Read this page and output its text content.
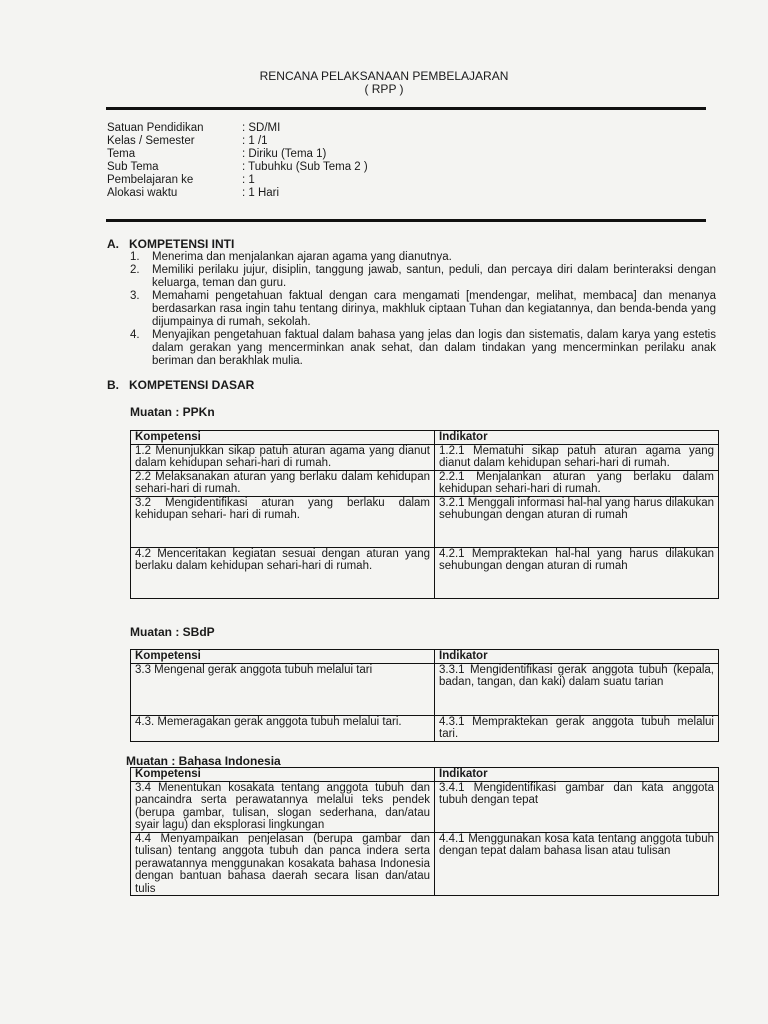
RENCANA PELAKSANAAN PEMBELAJARAN
( RPP )
Satuan Pendidikan	: SD/MI
Kelas / Semester	: 1 /1
Tema	: Diriku (Tema 1)
Sub Tema	: Tubuhku (Sub Tema 2 )
Pembelajaran ke	: 1
Alokasi waktu	: 1 Hari
A. KOMPETENSI INTI
1. Menerima dan menjalankan ajaran agama yang dianutnya.
2. Memiliki perilaku jujur, disiplin, tanggung jawab, santun, peduli, dan percaya diri dalam berinteraksi dengan keluarga, teman dan guru.
3. Memahami pengetahuan faktual dengan cara mengamati [mendengar, melihat, membaca] dan menanya berdasarkan rasa ingin tahu tentang dirinya, makhluk ciptaan Tuhan dan kegiatannya, dan benda-benda yang dijumpainya di rumah, sekolah.
4. Menyajikan pengetahuan faktual dalam bahasa yang jelas dan logis dan sistematis, dalam karya yang estetis dalam gerakan yang mencerminkan anak sehat, dan dalam tindakan yang mencerminkan perilaku anak beriman dan berakhlak mulia.
B. KOMPETENSI DASAR
Muatan : PPKn
Kompetensi	Indikator
1.2 Menunjukkan sikap patuh aturan agama yang dianut dalam kehidupan sehari-hari di rumah.	1.2.1 Mematuhi sikap patuh aturan agama yang dianut dalam kehidupan sehari-hari di rumah.
2.2 Melaksanakan aturan yang berlaku dalam kehidupan sehari-hari di rumah.	2.2.1 Menjalankan aturan yang berlaku dalam kehidupan sehari-hari di rumah.
3.2 Mengidentifikasi aturan yang berlaku dalam kehidupan sehari- hari di rumah.	3.2.1 Menggali informasi hal-hal yang harus dilakukan sehubungan dengan aturan di rumah
4.2 Menceritakan kegiatan sesuai dengan aturan yang berlaku dalam kehidupan sehari-hari di rumah.	4.2.1 Mempraktekan hal-hal yang harus dilakukan sehubungan dengan aturan di rumah
Muatan : SBdP
Kompetensi	Indikator
3.3 Mengenal gerak anggota tubuh melalui tari	3.3.1 Mengidentifikasi gerak anggota tubuh (kepala, badan, tangan, dan kaki) dalam suatu tarian
4.3. Memeragakan gerak anggota tubuh melalui tari.	4.3.1 Mempraktekan gerak anggota tubuh melalui tari.
Muatan : Bahasa Indonesia
Kompetensi	Indikator
3.4 Menentukan kosakata tentang anggota tubuh dan pancaindra serta perawatannya melalui teks pendek (berupa gambar, tulisan, slogan sederhana, dan/atau syair lagu) dan eksplorasi lingkungan	3.4.1 Mengidentifikasi gambar dan kata anggota tubuh dengan tepat
4.4 Menyampaikan penjelasan (berupa gambar dan tulisan) tentang anggota tubuh dan panca indera serta perawatannya menggunakan kosakata bahasa Indonesia dengan bantuan bahasa daerah secara lisan dan/atau tulis	4.4.1 Menggunakan kosa kata tentang anggota tubuh dengan tepat dalam bahasa lisan atau tulisan
